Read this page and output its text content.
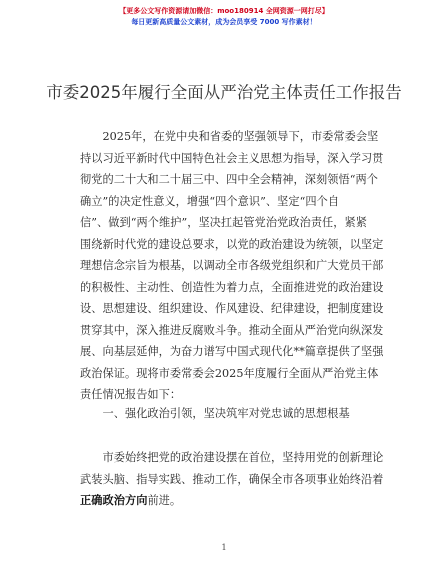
【更多公文写作资源请加微信：moo180914 全网资源一网打尽】
每日更新高质量公文素材，成为会员享受 7000 写作素材！
市委2025年履行全面从严治党主体责任工作报告
　　2025年，在党中央和省委的坚强领导下，市委常委会坚
持以习近平新时代中国特色社会主义思想为指导，深入学习贯
彻党的二十大和二十届三中、四中全会精神，深刻领悟“两个
确立”的决定性意义，增强“四个意识”、坚定“四个自
信”、做到“两个维护”，坚决扛起管党治党政治责任，紧紧
围绕新时代党的建设总要求，以党的政治建设为统领，以坚定
理想信念宗旨为根基，以调动全市各级党组织和广大党员干部
的积极性、主动性、创造性为着力点，全面推进党的政治建设
设、思想建设、组织建设、作风建设、纪律建设，把制度建设
贯穿其中，深入推进反腐败斗争。推动全面从严治党向纵深发
展、向基层延伸，为奋力谱写中国式现代化**篇章提供了坚强
政治保证。现将市委常委会2025年度履行全面从严治党主体
责任情况报告如下：
　　一、强化政治引领，坚决筑牢对党忠诚的思想根基
　　市委始终把党的政治建设摆在首位，坚持用党的创新理论
武装头脑、指导实践、推动工作，确保全市各项事业始终沿着
正确政治方向前进。
1
